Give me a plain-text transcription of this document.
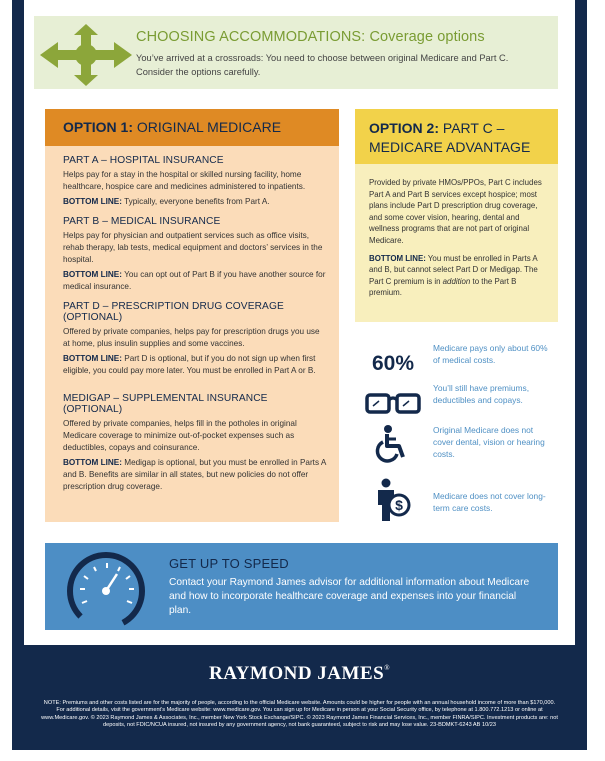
CHOOSING ACCOMMODATIONS: Coverage options

You’ve arrived at a crossroads: You need to choose between original Medicare and Part C. Consider the options carefully.

OPTION 1: ORIGINAL MEDICARE
PART A – HOSPITAL INSURANCE
Helps pay for a stay in the hospital or skilled nursing facility, home healthcare, hospice care and medicines administered to inpatients.
BOTTOM LINE: Typically, everyone benefits from Part A.
PART B – MEDICAL INSURANCE
Helps pay for physician and outpatient services such as office visits, rehab therapy, lab tests, medical equipment and doctors’ services in the hospital.
BOTTOM LINE: You can opt out of Part B if you have another source for medical insurance.
PART D – PRESCRIPTION DRUG COVERAGE (OPTIONAL)
Offered by private companies, helps pay for prescription drugs you use at home, plus insulin supplies and some vaccines.
BOTTOM LINE: Part D is optional, but if you do not sign up when first eligible, you could pay more later. You must be enrolled in Part A or B.
MEDIGAP – SUPPLEMENTAL INSURANCE (OPTIONAL)
Offered by private companies, helps fill in the potholes in original Medicare coverage to minimize out-of-pocket expenses such as deductibles, copays and coinsurance.
BOTTOM LINE: Medigap is optional, but you must be enrolled in Parts A and B. Benefits are similar in all states, but new policies do not offer prescription drug coverage.
OPTION 2: PART C –
MEDICARE ADVANTAGE
Provided by private HMOs/PPOs, Part C includes Part A and Part B services except hospice; most plans include Part D prescription drug coverage, and some cover vision, hearing, dental and wellness programs that are not part of original Medicare.
BOTTOM LINE: You must be enrolled in Parts A and B, but cannot select Part D or Medigap. The Part C premium is in addition to the Part B premium.
60%
Medicare pays only about 60% of medical costs.
You’ll still have premiums, deductibles and copays.
Original Medicare does not cover dental, vision or hearing costs.
$
Medicare does not cover long-term care costs.
GET UP TO SPEED

Contact your Raymond James advisor for additional information about Medicare and how to incorporate healthcare coverage and expenses into your financial plan.

RAYMOND JAMES®
NOTE: Premiums and other costs listed are for the majority of people, according to the official Medicare website. Amounts could be higher for people with an annual household income of more than $170,000. For additional details, visit the government’s Medicare website: www.medicare.gov. You can sign up for Medicare in person at your Social Security office, by telephone at 1.800.772.1213 or online at www.Medicare.gov. © 2023 Raymond James & Associates, Inc., member New York Stock Exchange/SIPC. © 2023 Raymond James Financial Services, Inc., member FINRA/SIPC. Investment products are: not deposits, not FDIC/NCUA insured, not insured by any government agency, not bank guaranteed, subject to risk and may lose value. 23-BDMKT-6243 AB 10/23
